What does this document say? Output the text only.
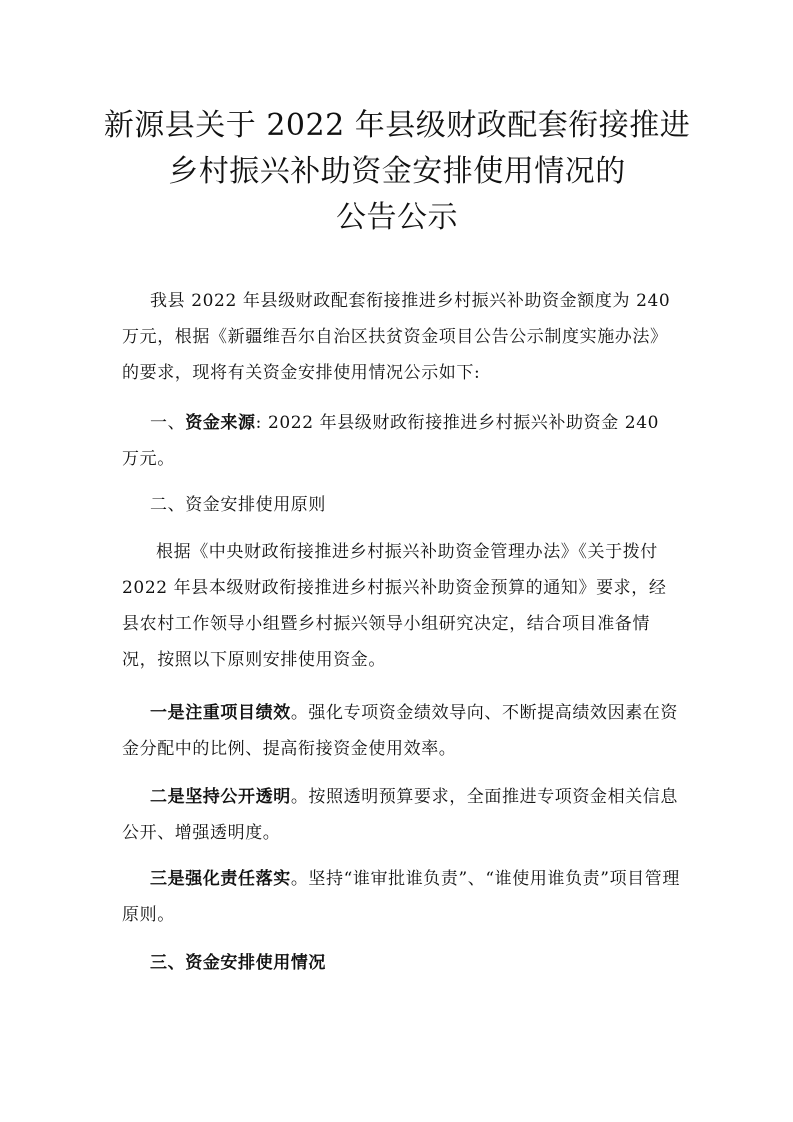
新源县关于 2022 年县级财政配套衔接推进
乡村振兴补助资金安排使用情况的
公告公示

我县 2022 年县级财政配套衔接推进乡村振兴补助资金额度为 240 万元，根据《新疆维吾尔自治区扶贫资金项目公告公示制度实施办法》的要求，现将有关资金安排使用情况公示如下:

一、资金来源: 2022 年县级财政衔接推进乡村振兴补助资金 240 万元。

二、资金安排使用原则

根据《中央财政衔接推进乡村振兴补助资金管理办法》《关于拨付 2022 年县本级财政衔接推进乡村振兴补助资金预算的通知》要求，经县农村工作领导小组暨乡村振兴领导小组研究决定，结合项目准备情况，按照以下原则安排使用资金。

一是注重项目绩效。强化专项资金绩效导向、不断提高绩效因素在资金分配中的比例、提高衔接资金使用效率。

二是坚持公开透明。按照透明预算要求，全面推进专项资金相关信息公开、增强透明度。

三是强化责任落实。坚持“谁审批谁负责”、“谁使用谁负责”项目管理原则。

三、资金安排使用情况
